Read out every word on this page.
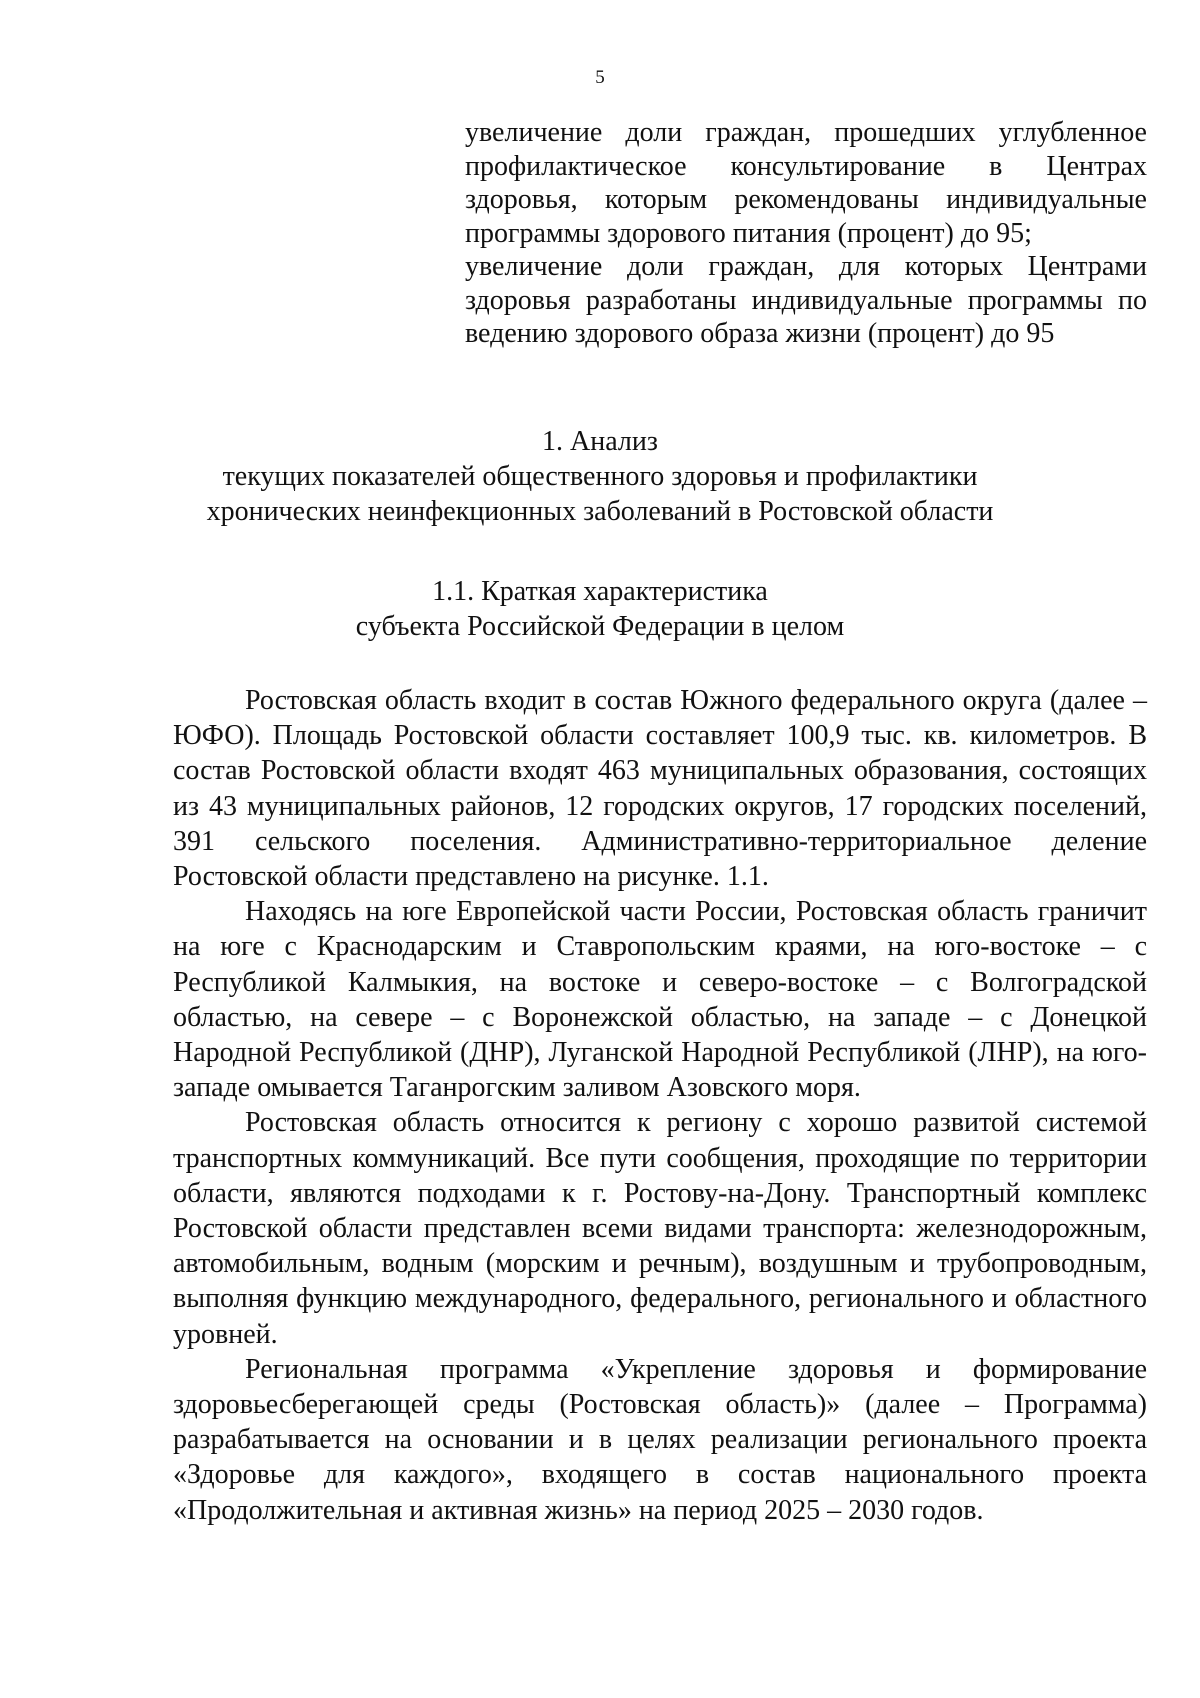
5

увеличение доли граждан, прошедших углубленное профилактическое консультирование в Центрах здоровья, которым рекомендованы индивидуальные программы здорового питания (процент) до 95;

увеличение доли граждан, для которых Центрами здоровья разработаны индивидуальные программы по ведению здорового образа жизни (процент) до 95

1. Анализ
текущих показателей общественного здоровья и профилактики
хронических неинфекционных заболеваний в Ростовской области
1.1. Краткая характеристика
субъекта Российской Федерации в целом

Ростовская область входит в состав Южного федерального округа (далее – ЮФО). Площадь Ростовской области составляет 100,9 тыс. кв. километров. В состав Ростовской области входят 463 муниципальных образования, состоящих из 43 муниципальных районов, 12 городских округов, 17 городских поселений, 391 сельского поселения. Административно-территориальное деление Ростовской области представлено на рисунке. 1.1.

Находясь на юге Европейской части России, Ростовская область граничит на юге с Краснодарским и Ставропольским краями, на юго-востоке – с Республикой Калмыкия, на востоке и северо-востоке – с Волгоградской областью, на севере – с Воронежской областью, на западе – с Донецкой Народной Республикой (ДНР), Луганской Народной Республикой (ЛНР), на юго-западе омывается Таганрогским заливом Азовского моря.

Ростовская область относится к региону с хорошо развитой системой транспортных коммуникаций. Все пути сообщения, проходящие по территории области, являются подходами к г. Ростову-на-Дону. Транспортный комплекс Ростовской области представлен всеми видами транспорта: железнодорожным, автомобильным, водным (морским и речным), воздушным и трубопроводным, выполняя функцию международного, федерального, регионального и областного уровней.

Региональная программа «Укрепление здоровья и формирование здоровьесберегающей среды (Ростовская область)» (далее – Программа) разрабатывается на основании и в целях реализации регионального проекта «Здоровье для каждого», входящего в состав национального проекта «Продолжительная и активная жизнь» на период 2025 – 2030 годов.
